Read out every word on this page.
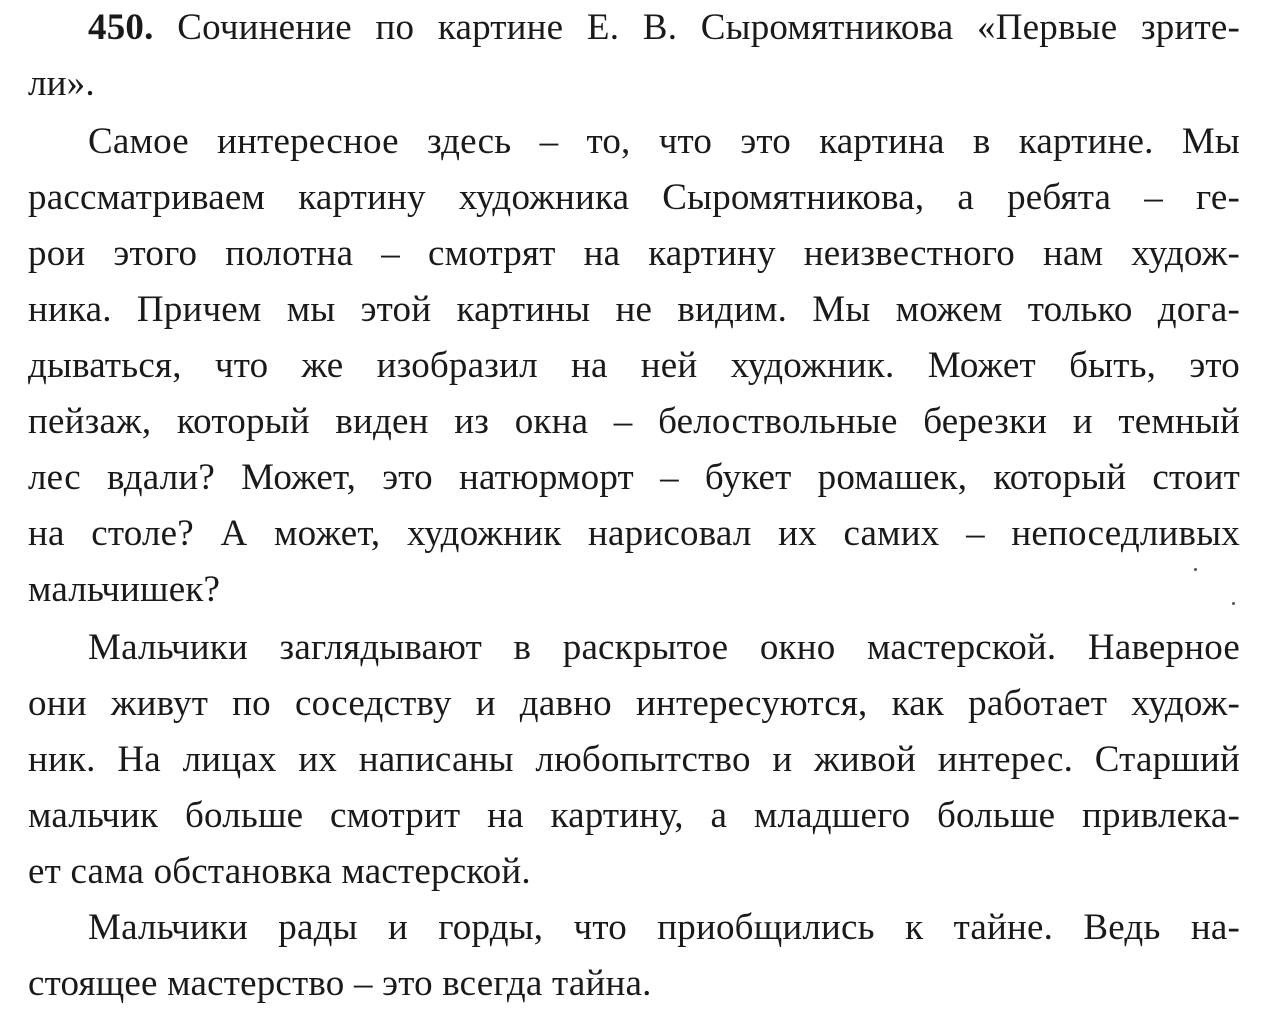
450. Сочинение по картине Е. В. Сыромятникова «Первые зрите-
ли».
Самое интересное здесь – то, что это картина в картине. Мы
рассматриваем картину художника Сыромятникова, а ребята – ге-
рои этого полотна – смотрят на картину неизвестного нам худож-
ника. Причем мы этой картины не видим. Мы можем только дога-
дываться, что же изобразил на ней художник. Может быть, это
пейзаж, который виден из окна – белоствольные березки и темный
лес вдали? Может, это натюрморт – букет ромашек, который стоит
на столе? А может, художник нарисовал их самих – непоседливых
мальчишек?
Мальчики заглядывают в раскрытое окно мастерской. Наверное
они живут по соседству и давно интересуются, как работает худож-
ник. На лицах их написаны любопытство и живой интерес. Старший
мальчик больше смотрит на картину, а младшего больше привлека-
ет сама обстановка мастерской.
Мальчики рады и горды, что приобщились к тайне. Ведь на-
стоящее мастерство – это всегда тайна.
